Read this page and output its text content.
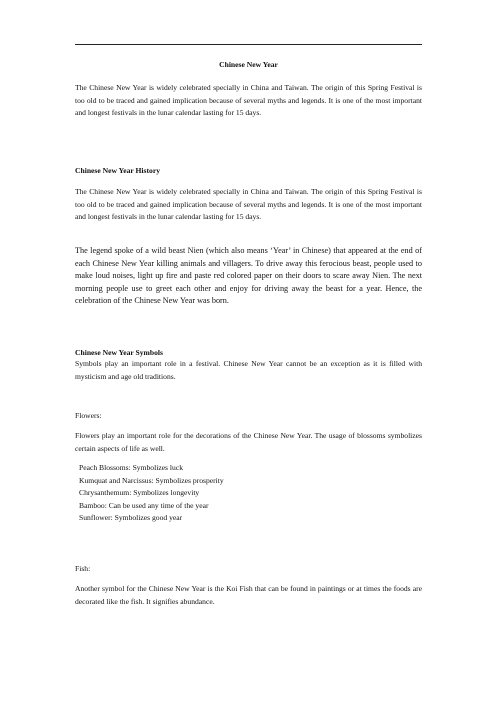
Chinese New Year

The Chinese New Year is widely celebrated specially in China and Taiwan. The origin of this Spring Festival is too old to be traced and gained implication because of several myths and legends. It is one of the most important and longest festivals in the lunar calendar lasting for 15 days.

Chinese New Year History

The Chinese New Year is widely celebrated specially in China and Taiwan. The origin of this Spring Festival is too old to be traced and gained implication because of several myths and legends. It is one of the most important and longest festivals in the lunar calendar lasting for 15 days.

The legend spoke of a wild beast Nien (which also means ‘Year’ in Chinese) that appeared at the end of each Chinese New Year killing animals and villagers. To drive away this ferocious beast, people used to make loud noises, light up fire and paste red colored paper on their doors to scare away Nien. The next morning people use to greet each other and enjoy for driving away the beast for a year. Hence, the celebration of the Chinese New Year was born.

Chinese New Year Symbols

Symbols play an important role in a festival. Chinese New Year cannot be an exception as it is filled with mysticism and age old traditions.

Flowers:

Flowers play an important role for the decorations of the Chinese New Year. The usage of blossoms symbolizes certain aspects of life as well.

Peach Blossoms: Symbolizes luck
Kumquat and Narcissus: Symbolizes prosperity
Chrysanthemum: Symbolizes longevity
Bamboo: Can be used any time of the year
Sunflower: Symbolizes good year
Fish:

Another symbol for the Chinese New Year is the Koi Fish that can be found in paintings or at times the foods are decorated like the fish. It signifies abundance.
